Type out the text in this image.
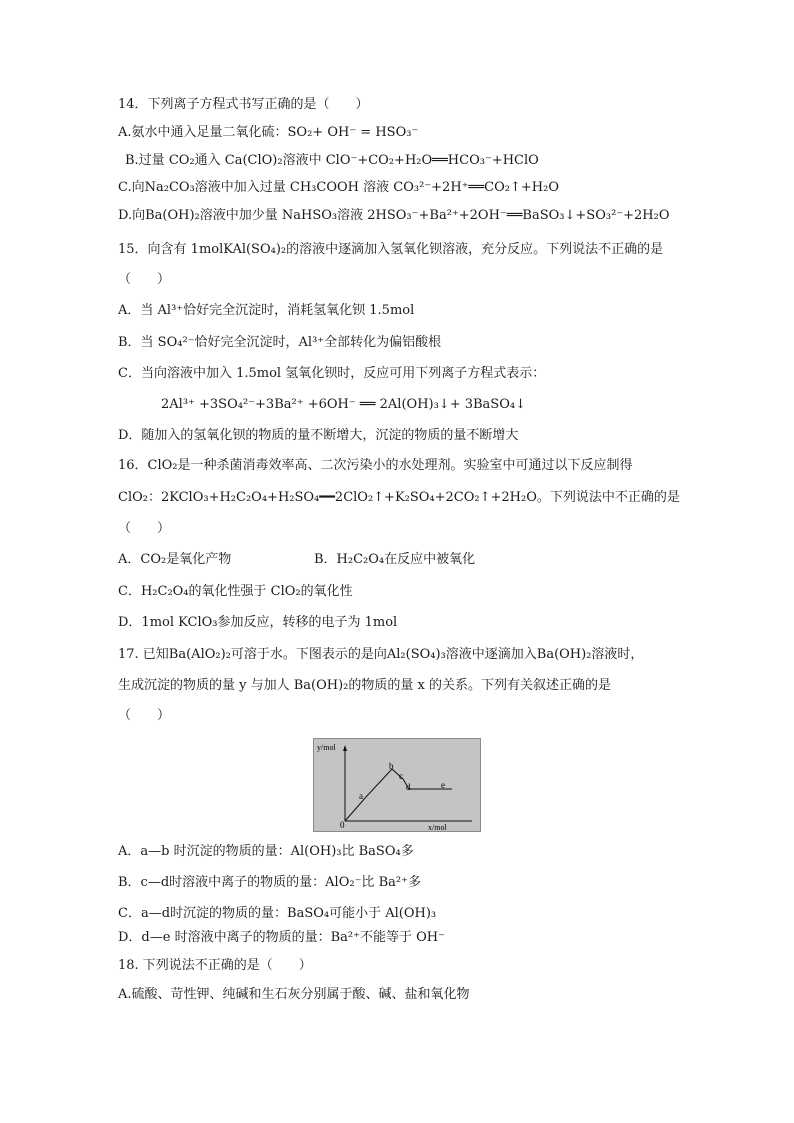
14．下列离子方程式书写正确的是（　　）
A.氨水中通入足量二氧化硫：SO₂+ OH⁻ = HSO₃⁻
B.过量 CO₂通入 Ca(ClO)₂溶液中 ClO⁻+CO₂+H₂O══HCO₃⁻+HClO
C.向Na₂CO₃溶液中加入过量 CH₃COOH 溶液 CO₃²⁻+2H⁺══CO₂↑+H₂O
D.向Ba(OH)₂溶液中加少量 NaHSO₃溶液 2HSO₃⁻+Ba²⁺+2OH⁻══BaSO₃↓+SO₃²⁻+2H₂O
15．向含有 1molKAl(SO₄)₂的溶液中逐滴加入氢氧化钡溶液，充分反应。下列说法不正确的是
（　　）
A．当 Al³⁺恰好完全沉淀时，消耗氢氧化钡 1.5mol
B．当 SO₄²⁻恰好完全沉淀时，Al³⁺全部转化为偏铝酸根
C．当向溶液中加入 1.5mol 氢氧化钡时，反应可用下列离子方程式表示：
2Al³⁺ +3SO₄²⁻+3Ba²⁺ +6OH⁻ ══ 2Al(OH)₃↓+ 3BaSO₄↓
D．随加入的氢氧化钡的物质的量不断增大，沉淀的物质的量不断增大
16．ClO₂是一种杀菌消毒效率高、二次污染小的水处理剂。实验室中可通过以下反应制得
ClO₂：2KClO₃+H₂C₂O₄+H₂SO₄━━2ClO₂↑+K₂SO₄+2CO₂↑+2H₂O。下列说法中不正确的是
（　　）
A．CO₂是氧化产物	B．H₂C₂O₄在反应中被氧化
C．H₂C₂O₄的氧化性强于 ClO₂的氧化性
D．1mol KClO₃参加反应，转移的电子为 1mol
17. 已知Ba(AlO₂)₂可溶于水。下图表示的是向Al₂(SO₄)₃溶液中逐滴加入Ba(OH)₂溶液时，
生成沉淀的物质的量 y 与加人 Ba(OH)₂的物质的量 x 的关系。下列有关叙述正确的是
（　　）
y/mol
x/mol
0
a
b
c
d	e
A．a—b 时沉淀的物质的量：Al(OH)₃比 BaSO₄多
B．c—d时溶液中离子的物质的量：AlO₂⁻比 Ba²⁺多
C．a—d时沉淀的物质的量：BaSO₄可能小于 Al(OH)₃
D．d—e 时溶液中离子的物质的量：Ba²⁺不能等于 OH⁻
18. 下列说法不正确的是（　　）
A.硫酸、苛性钾、纯碱和生石灰分别属于酸、碱、盐和氧化物
